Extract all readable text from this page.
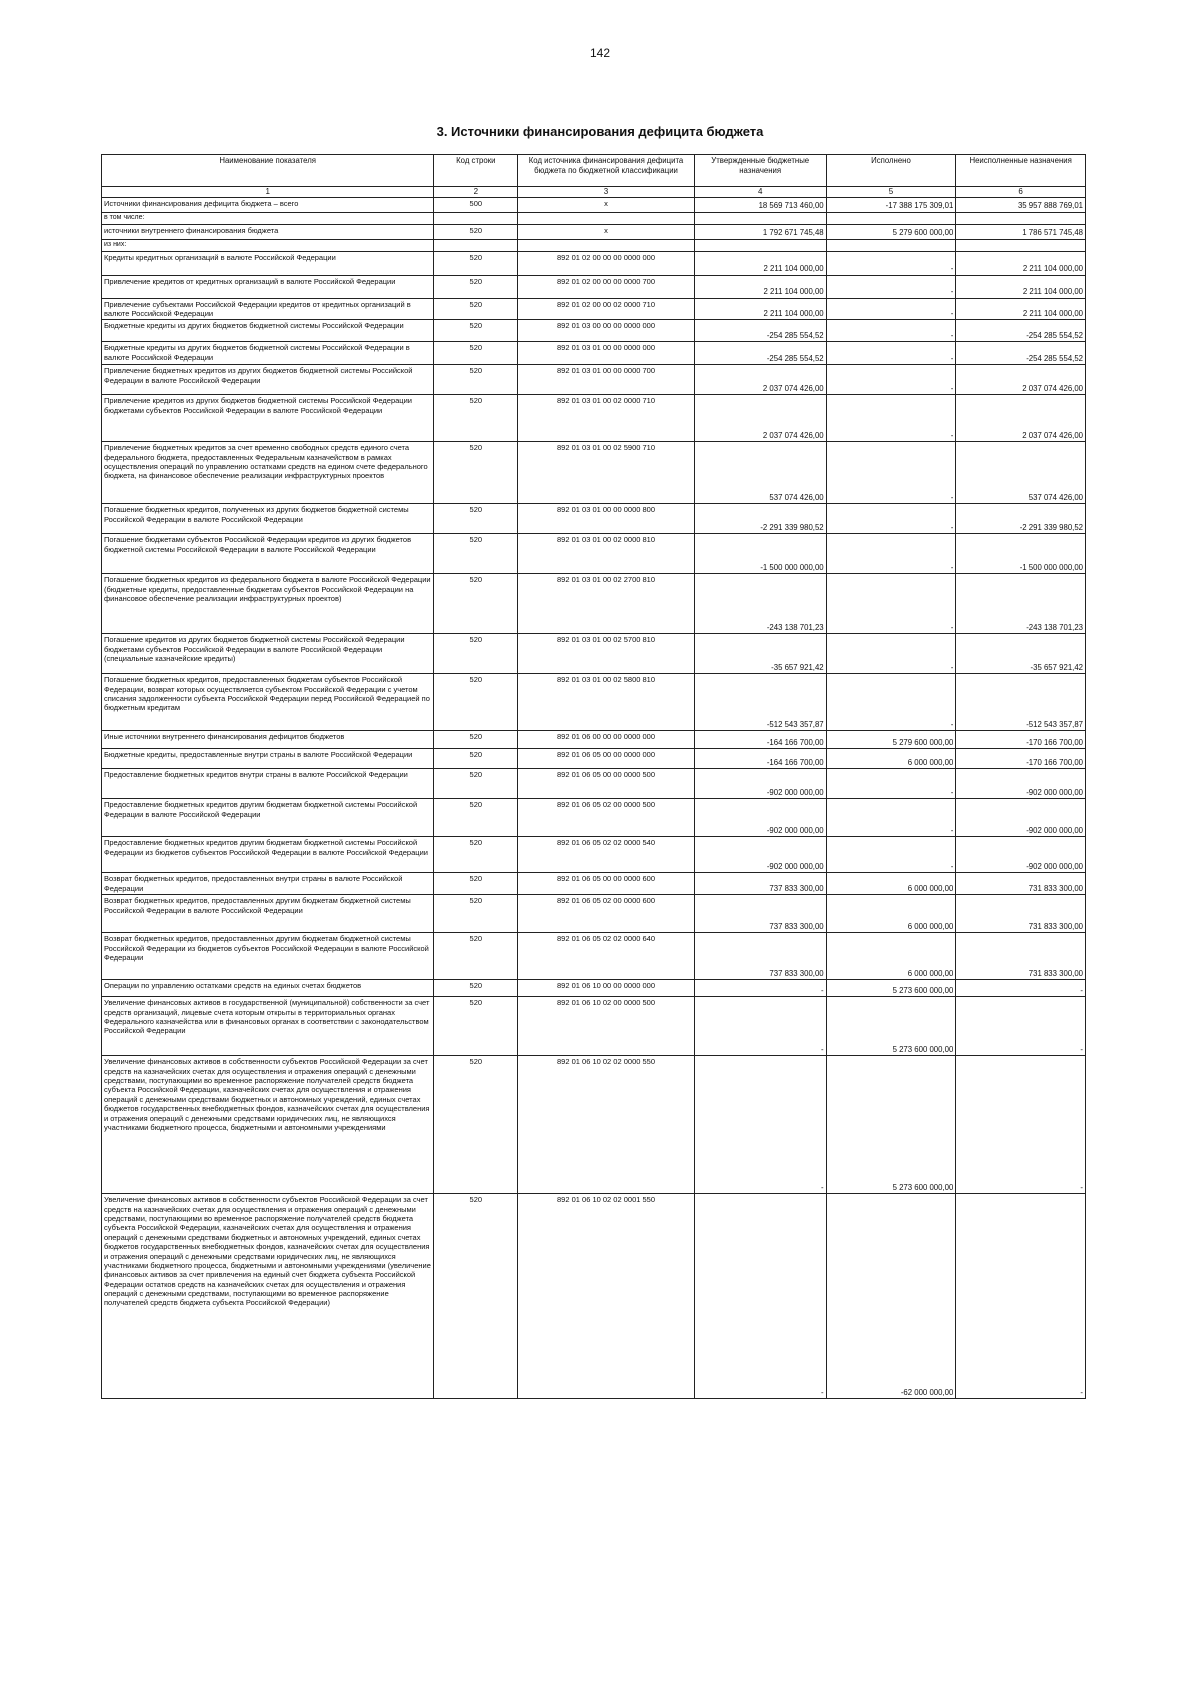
142
3. Источники финансирования дефицита бюджета
Наименование показателя	Код строки	Код источника финансирования дефицита бюджета по бюджетной классификации	Утвержденные бюджетные назначения	Исполнено	Неисполненные назначения
1	2	3	4	5	6
Источники финансирования дефицита бюджета – всего	500	x	18 569 713 460,00	-17 388 175 309,01	35 957 888 769,01
в том числе:					
источники внутреннего финансирования бюджета	520	x	1 792 671 745,48	5 279 600 000,00	1 786 571 745,48
из них:					
Кредиты кредитных организаций в валюте Российской Федерации	520	892 01 02 00 00 00 0000 000	2 211 104 000,00	-	2 211 104 000,00
Привлечение кредитов от кредитных организаций в валюте Российской Федерации	520	892 01 02 00 00 00 0000 700	2 211 104 000,00	-	2 211 104 000,00
Привлечение субъектами Российской Федерации кредитов от кредитных организаций в валюте Российской Федерации	520	892 01 02 00 00 02 0000 710	2 211 104 000,00	-	2 211 104 000,00
Бюджетные кредиты из других бюджетов бюджетной системы Российской Федерации	520	892 01 03 00 00 00 0000 000	-254 285 554,52	-	-254 285 554,52
Бюджетные кредиты из других бюджетов бюджетной системы Российской Федерации в валюте Российской Федерации	520	892 01 03 01 00 00 0000 000	-254 285 554,52	-	-254 285 554,52
Привлечение бюджетных кредитов из других бюджетов бюджетной системы Российской Федерации в валюте Российской Федерации	520	892 01 03 01 00 00 0000 700	2 037 074 426,00	-	2 037 074 426,00
Привлечение кредитов из других бюджетов бюджетной системы Российской Федерации бюджетами субъектов Российской Федерации в валюте Российской Федерации	520	892 01 03 01 00 02 0000 710	2 037 074 426,00	-	2 037 074 426,00
Привлечение бюджетных кредитов за счет временно свободных средств единого счета федерального бюджета, предоставленных Федеральным казначейством в рамках осуществления операций по управлению остатками средств на едином счете федерального бюджета, на финансовое обеспечение реализации инфраструктурных проектов	520	892 01 03 01 00 02 5900 710	537 074 426,00	-	537 074 426,00
Погашение бюджетных кредитов, полученных из других бюджетов бюджетной системы Российской Федерации в валюте Российской Федерации	520	892 01 03 01 00 00 0000 800	-2 291 339 980,52	-	-2 291 339 980,52
Погашение бюджетами субъектов Российской Федерации кредитов из других бюджетов бюджетной системы Российской Федерации в валюте Российской Федерации	520	892 01 03 01 00 02 0000 810	-1 500 000 000,00	-	-1 500 000 000,00
Погашение бюджетных кредитов из федерального бюджета в валюте Российской Федерации (бюджетные кредиты, предоставленные бюджетам субъектов Российской Федерации на финансовое обеспечение реализации инфраструктурных проектов)	520	892 01 03 01 00 02 2700 810	-243 138 701,23	-	-243 138 701,23
Погашение кредитов из других бюджетов бюджетной системы Российской Федерации бюджетами субъектов Российской Федерации в валюте Российской Федерации (специальные казначейские кредиты)	520	892 01 03 01 00 02 5700 810	-35 657 921,42	-	-35 657 921,42
Погашение бюджетных кредитов, предоставленных бюджетам субъектов Российской Федерации, возврат которых осуществляется субъектом Российской Федерации с учетом списания задолженности субъекта Российской Федерации перед Российской Федерацией по бюджетным кредитам	520	892 01 03 01 00 02 5800 810	-512 543 357,87	-	-512 543 357,87
Иные источники внутреннего финансирования дефицитов бюджетов	520	892 01 06 00 00 00 0000 000	-164 166 700,00	5 279 600 000,00	-170 166 700,00
Бюджетные кредиты, предоставленные внутри страны в валюте Российской Федерации	520	892 01 06 05 00 00 0000 000	-164 166 700,00	6 000 000,00	-170 166 700,00
Предоставление бюджетных кредитов внутри страны в валюте Российской Федерации	520	892 01 06 05 00 00 0000 500	-902 000 000,00	-	-902 000 000,00
Предоставление бюджетных кредитов другим бюджетам бюджетной системы Российской Федерации в валюте Российской Федерации	520	892 01 06 05 02 00 0000 500	-902 000 000,00	-	-902 000 000,00
Предоставление бюджетных кредитов другим бюджетам бюджетной системы Российской Федерации из бюджетов субъектов Российской Федерации в валюте Российской Федерации	520	892 01 06 05 02 02 0000 540	-902 000 000,00	-	-902 000 000,00
Возврат бюджетных кредитов, предоставленных внутри страны в валюте Российской Федерации	520	892 01 06 05 00 00 0000 600	737 833 300,00	6 000 000,00	731 833 300,00
Возврат бюджетных кредитов, предоставленных другим бюджетам бюджетной системы Российской Федерации в валюте Российской Федерации	520	892 01 06 05 02 00 0000 600	737 833 300,00	6 000 000,00	731 833 300,00
Возврат бюджетных кредитов, предоставленных другим бюджетам бюджетной системы Российской Федерации из бюджетов субъектов Российской Федерации в валюте Российской Федерации	520	892 01 06 05 02 02 0000 640	737 833 300,00	6 000 000,00	731 833 300,00
Операции по управлению остатками средств на единых счетах бюджетов	520	892 01 06 10 00 00 0000 000	-	5 273 600 000,00	-
Увеличение финансовых активов в государственной (муниципальной) собственности за счет средств организаций, лицевые счета которым открыты в территориальных органах Федерального казначейства или в финансовых органах в соответствии с законодательством Российской Федерации	520	892 01 06 10 02 00 0000 500	-	5 273 600 000,00	-
Увеличение финансовых активов в собственности субъектов Российской Федерации за счет средств на казначейских счетах для осуществления и отражения операций с денежными средствами, поступающими во временное распоряжение получателей средств бюджета субъекта Российской Федерации, казначейских счетах для осуществления и отражения операций с денежными средствами бюджетных и автономных учреждений, единых счетах бюджетов государственных внебюджетных фондов, казначейских счетах для осуществления и отражения операций с денежными средствами юридических лиц, не являющихся участниками бюджетного процесса, бюджетными и автономными учреждениями	520	892 01 06 10 02 02 0000 550	-	5 273 600 000,00	-
Увеличение финансовых активов в собственности субъектов Российской Федерации за счет средств на казначейских счетах для осуществления и отражения операций с денежными средствами, поступающими во временное распоряжение получателей средств бюджета субъекта Российской Федерации, казначейских счетах для осуществления и отражения операций с денежными средствами бюджетных и автономных учреждений, единых счетах бюджетов государственных внебюджетных фондов, казначейских счетах для осуществления и отражения операций с денежными средствами юридических лиц, не являющихся участниками бюджетного процесса, бюджетными и автономными учреждениями (увеличение финансовых активов за счет привлечения на единый счет бюджета субъекта Российской Федерации остатков средств на казначейских счетах для осуществления и отражения операций с денежными средствами, поступающими во временное распоряжение получателей средств бюджета субъекта Российской Федерации)	520	892 01 06 10 02 02 0001 550	-	-62 000 000,00	-
